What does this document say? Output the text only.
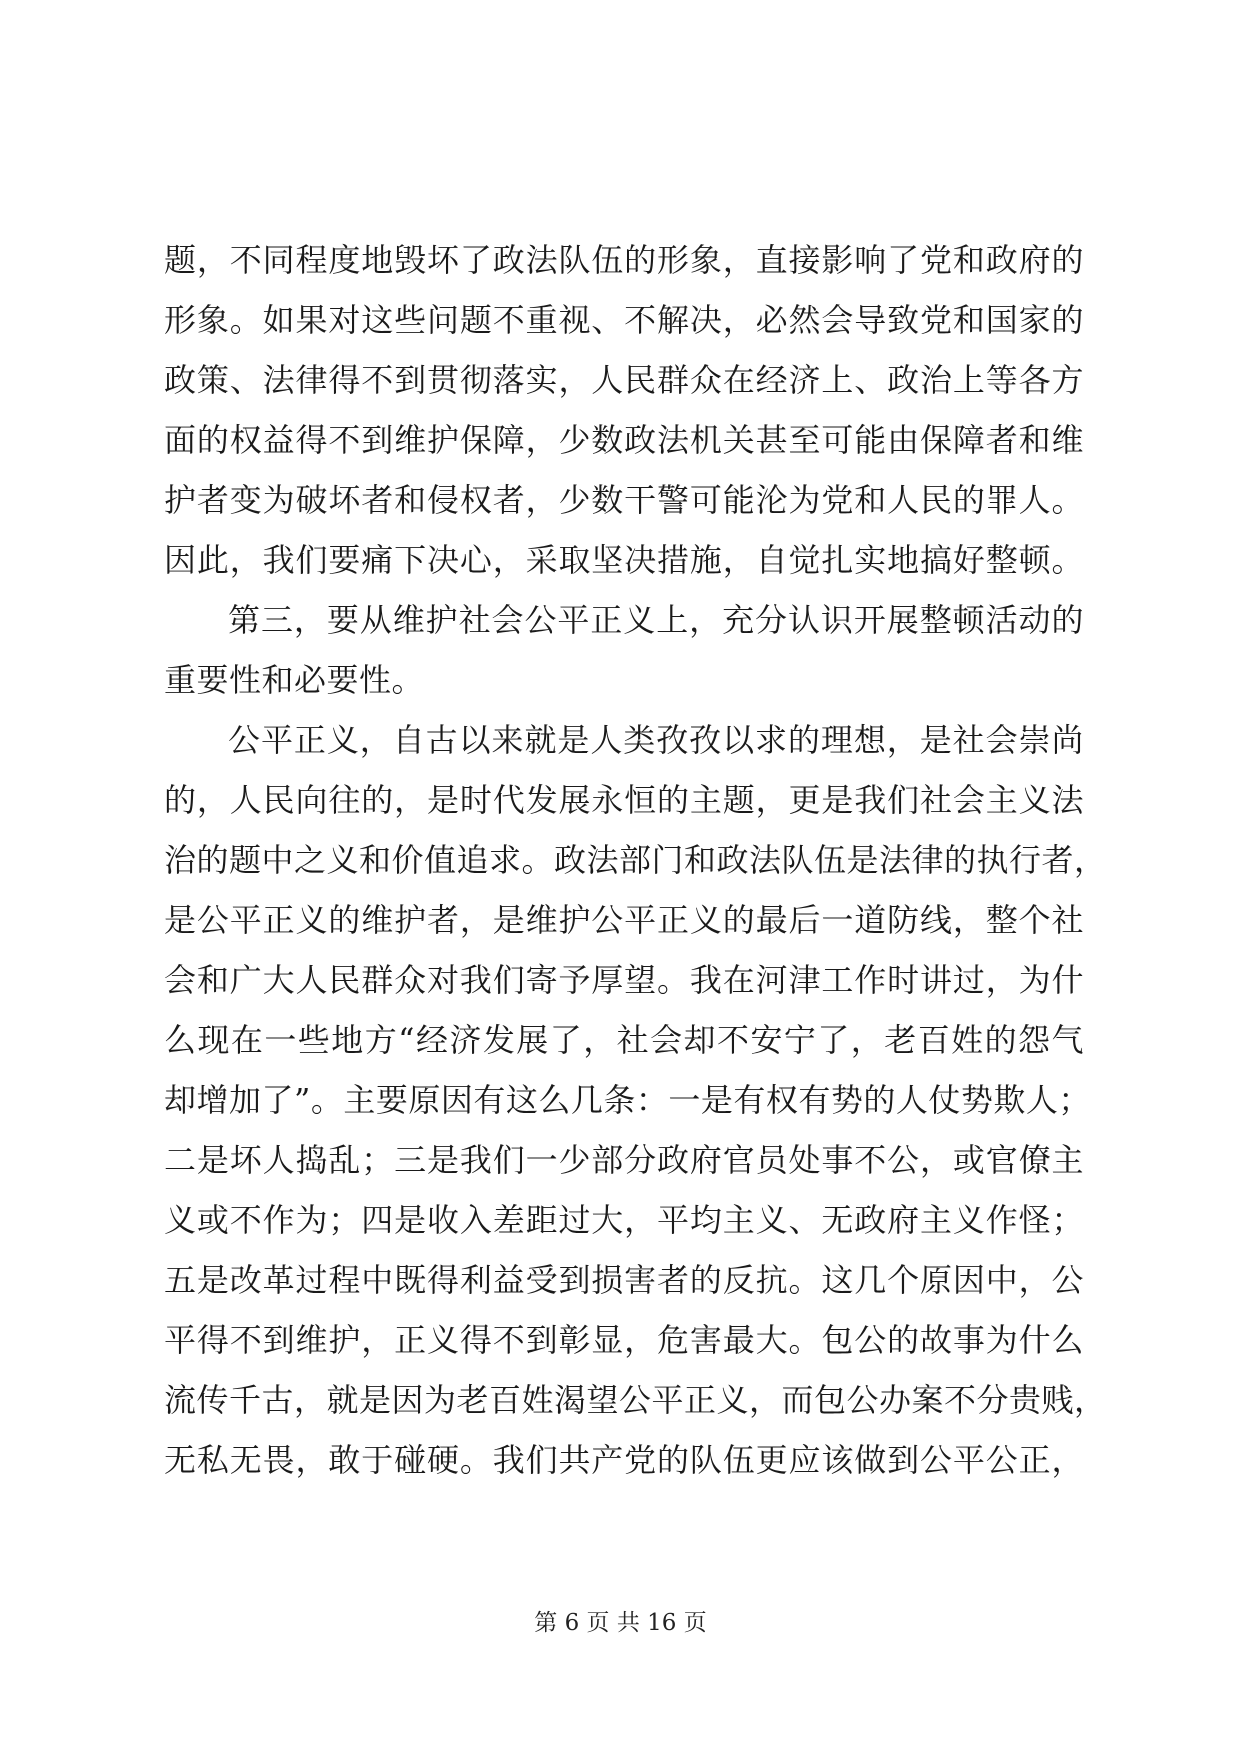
题，不同程度地毁坏了政法队伍的形象，直接影响了党和政府的
形象。如果对这些问题不重视、不解决，必然会导致党和国家的
政策、法律得不到贯彻落实，人民群众在经济上、政治上等各方
面的权益得不到维护保障，少数政法机关甚至可能由保障者和维
护者变为破坏者和侵权者，少数干警可能沦为党和人民的罪人。
因此，我们要痛下决心，采取坚决措施，自觉扎实地搞好整顿。
第三，要从维护社会公平正义上，充分认识开展整顿活动的
重要性和必要性。
公平正义，自古以来就是人类孜孜以求的理想，是社会崇尚
的，人民向往的，是时代发展永恒的主题，更是我们社会主义法
治的题中之义和价值追求。政法部门和政法队伍是法律的执行者，
是公平正义的维护者，是维护公平正义的最后一道防线，整个社
会和广大人民群众对我们寄予厚望。我在河津工作时讲过，为什
么现在一些地方“经济发展了，社会却不安宁了，老百姓的怨气
却增加了”。主要原因有这么几条：一是有权有势的人仗势欺人；
二是坏人捣乱；三是我们一少部分政府官员处事不公，或官僚主
义或不作为；四是收入差距过大，平均主义、无政府主义作怪；
五是改革过程中既得利益受到损害者的反抗。这几个原因中，公
平得不到维护，正义得不到彰显，危害最大。包公的故事为什么
流传千古，就是因为老百姓渴望公平正义，而包公办案不分贵贱，
无私无畏，敢于碰硬。我们共产党的队伍更应该做到公平公正，
第 6 页 共 16 页
